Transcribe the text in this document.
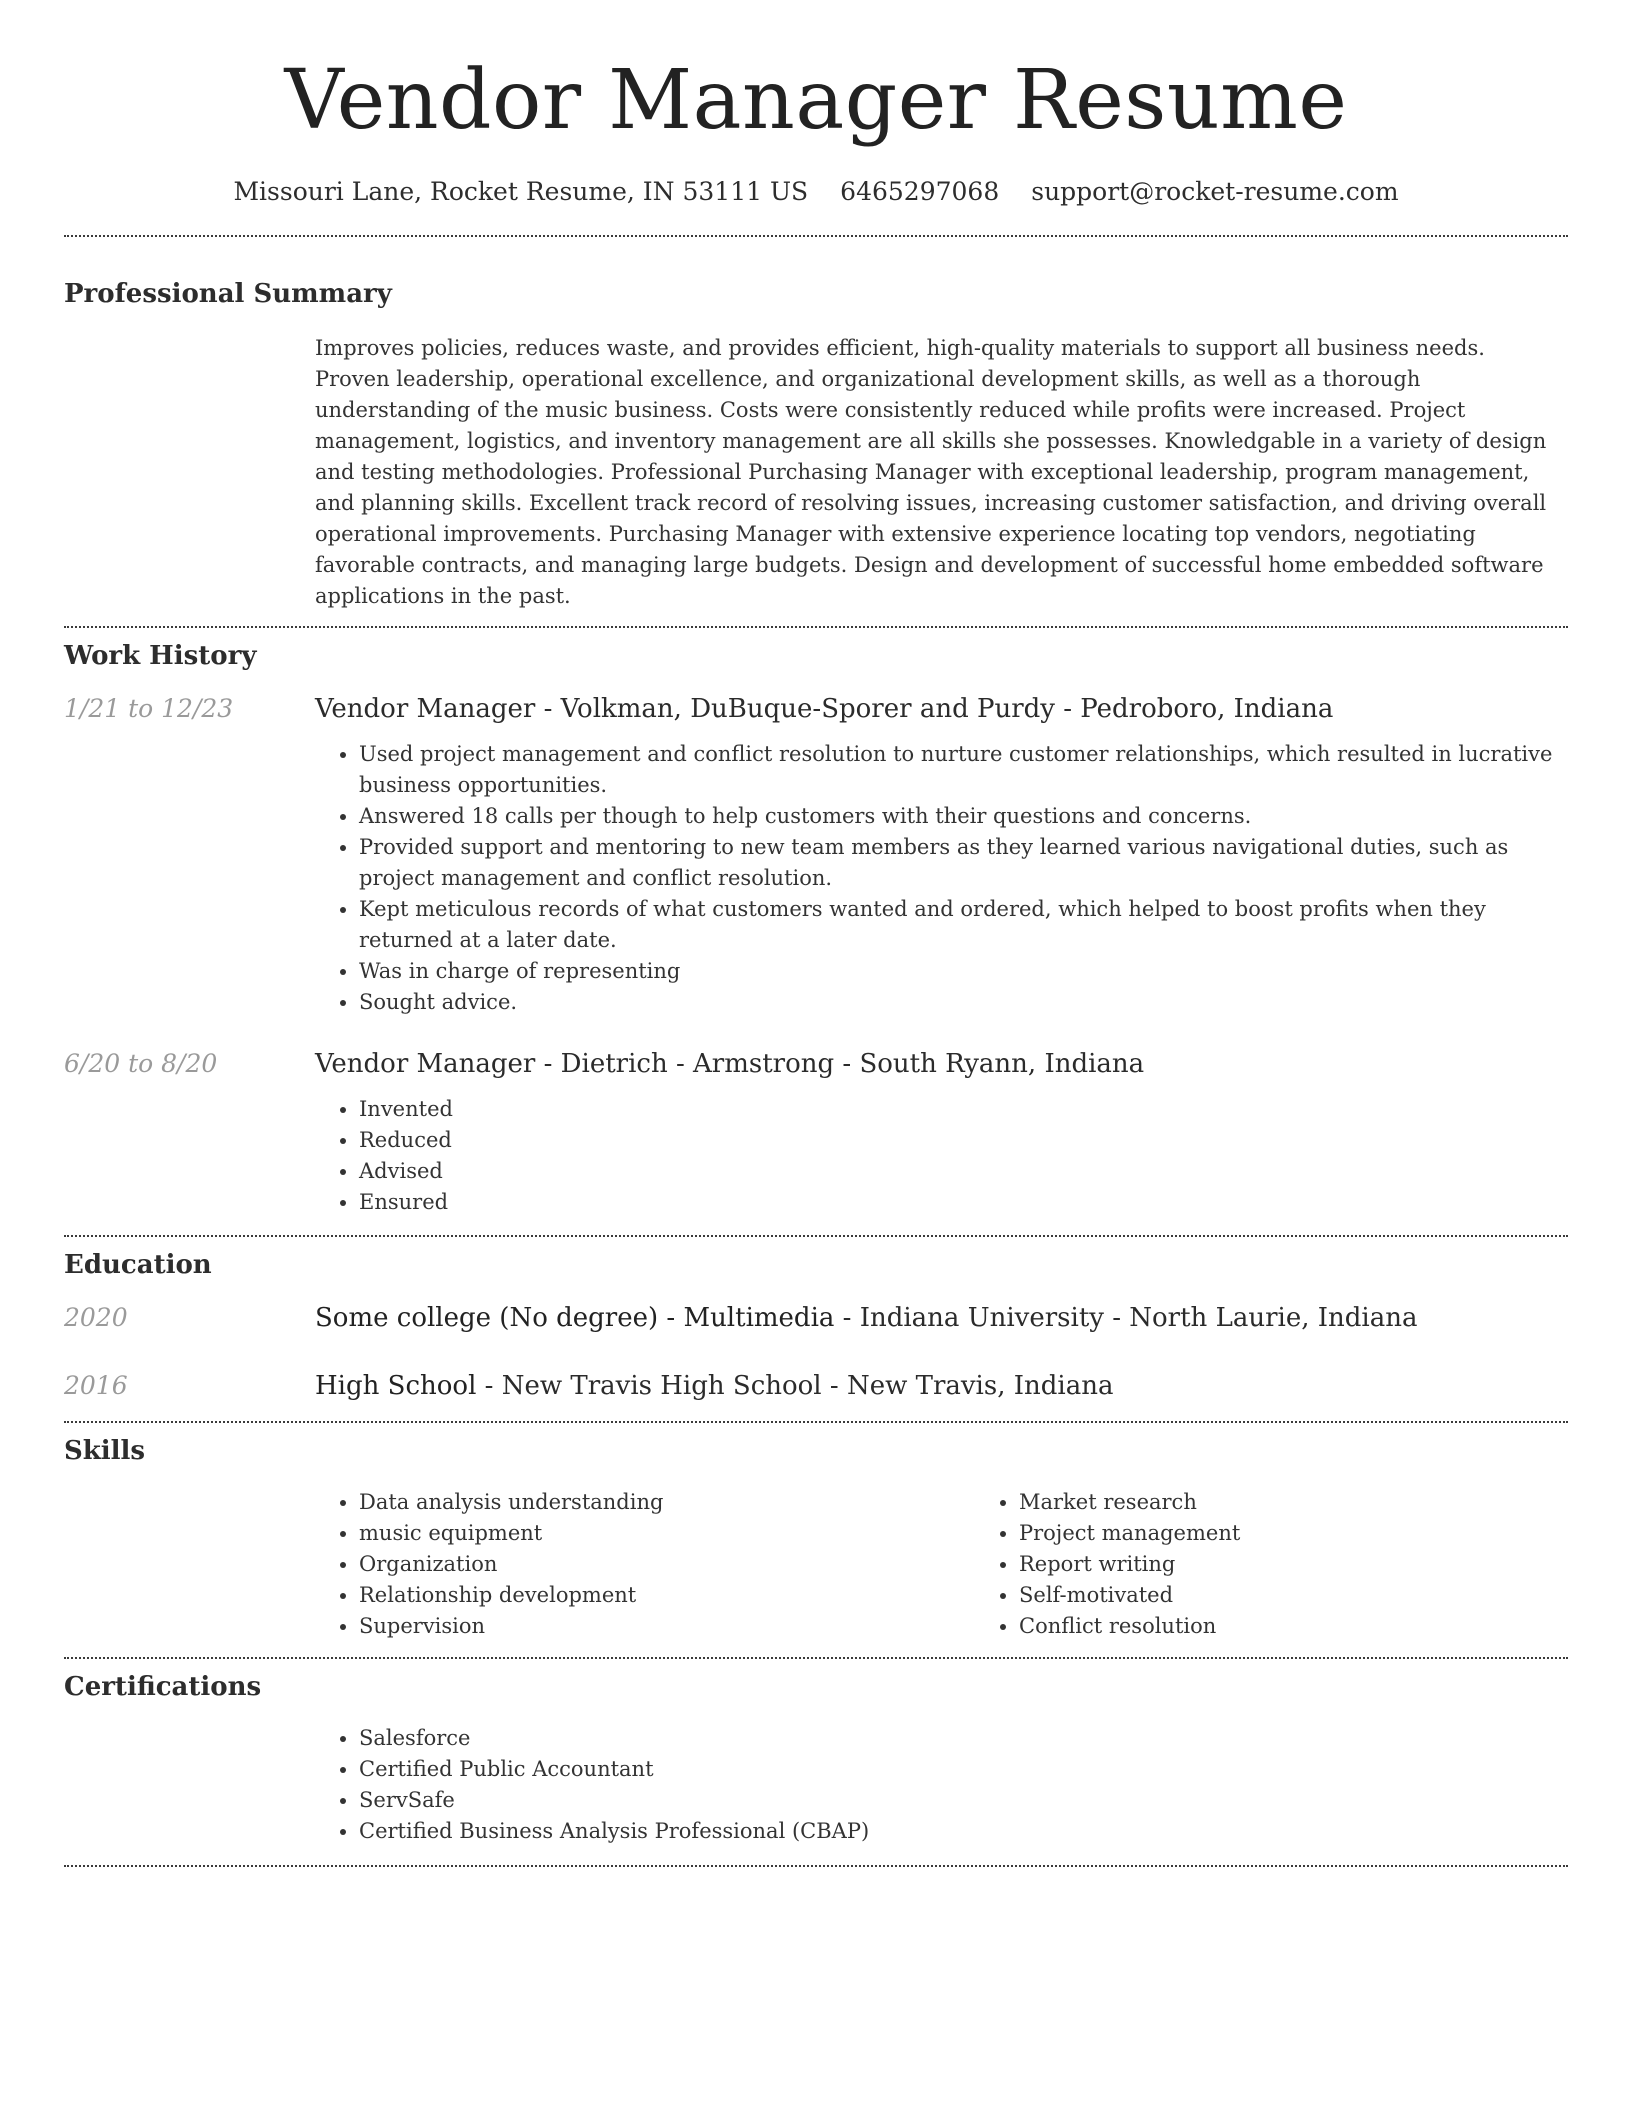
Vendor Manager Resume
Missouri Lane, Rocket Resume, IN 53111 US 6465297068 support@rocket-resume.com
Professional Summary

Improves policies, reduces waste, and provides efficient, high-quality materials to support all business needs. Proven leadership, operational excellence, and organizational development skills, as well as a thorough understanding of the music business. Costs were consistently reduced while profits were increased. Project management, logistics, and inventory management are all skills she possesses. Knowledgable in a variety of design and testing methodologies. Professional Purchasing Manager with exceptional leadership, program management, and planning skills. Excellent track record of resolving issues, increasing customer satisfaction, and driving overall operational improvements. Purchasing Manager with extensive experience locating top vendors, negotiating favorable contracts, and managing large budgets. Design and development of successful home embedded software applications in the past.

Work History
1/21 to 12/23	Vendor Manager - Volkman, DuBuque-Sporer and Purdy - Pedroboro, Indiana
• Used project management and conflict resolution to nurture customer relationships, which resulted in lucrative business opportunities.
• Answered 18 calls per though to help customers with their questions and concerns.
• Provided support and mentoring to new team members as they learned various navigational duties, such as project management and conflict resolution.
• Kept meticulous records of what customers wanted and ordered, which helped to boost profits when they returned at a later date.
• Was in charge of representing
• Sought advice.
6/20 to 8/20	Vendor Manager - Dietrich - Armstrong - South Ryann, Indiana
• Invented
• Reduced
• Advised
• Ensured
Education
2020	Some college (No degree) - Multimedia - Indiana University - North Laurie, Indiana
2016	High School - New Travis High School - New Travis, Indiana
Skills
• Data analysis understanding
• music equipment
• Organization
• Relationship development
• Supervision
• Market research
• Project management
• Report writing
• Self-motivated
• Conflict resolution
Certifications
• Salesforce
• Certified Public Accountant
• ServSafe
• Certified Business Analysis Professional (CBAP)
